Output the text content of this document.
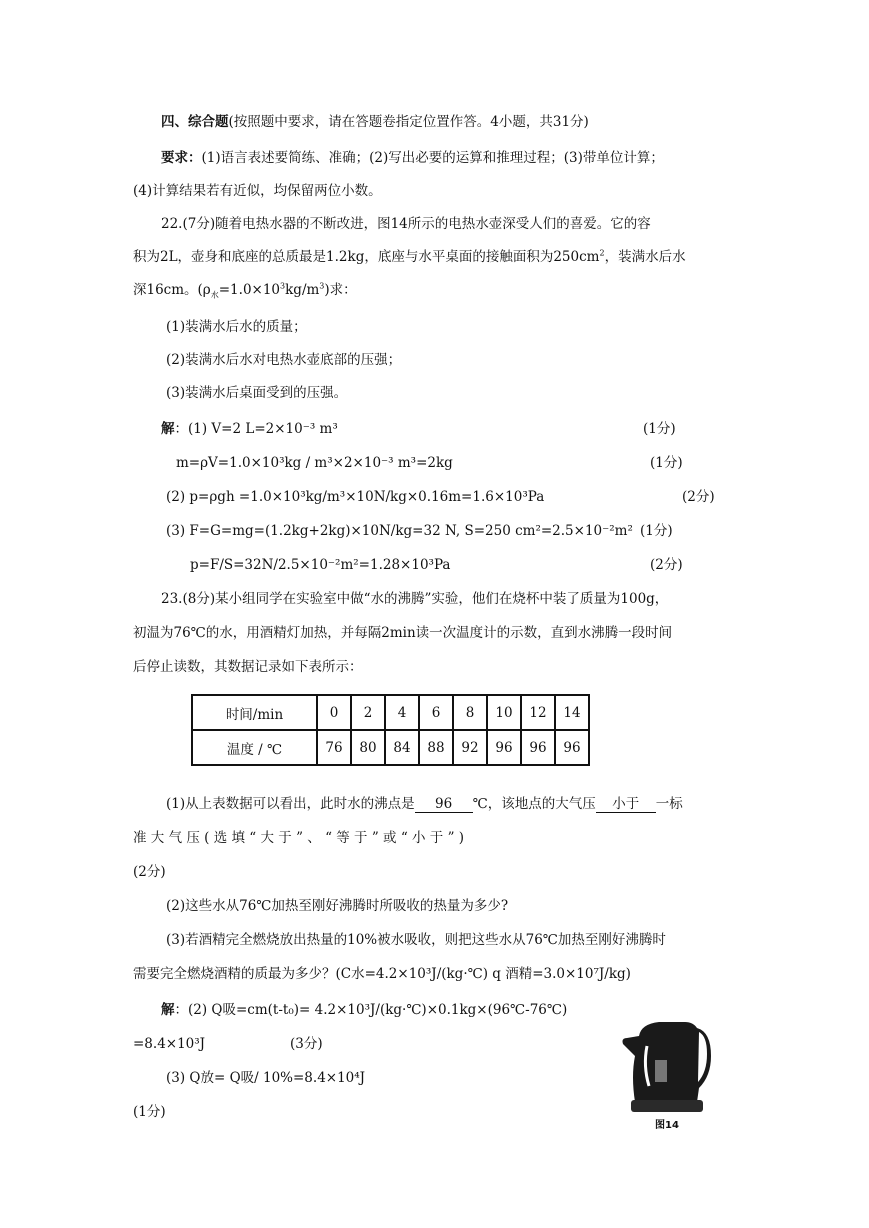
四、综合题(按照题中要求，请在答题卷指定位置作答。4小题，共31分)
要求：(1)语言表述要简练、准确；(2)写出必要的运算和推理过程；(3)带单位计算；
(4)计算结果若有近似，均保留两位小数。
22.(7分)随着电热水器的不断改进，图14所示的电热水壶深受人们的喜爱。它的容
积为2L，壶身和底座的总质最是1.2kg，底座与水平桌面的接触面积为$250cm^2$，装满水后水
深16cm。$(\rho_水=1.0\times 10^3kg/m^3)$求：
(1)装满水后水的质量；
(2)装满水后水对电热水壶底部的压强；
(3)装满水后桌面受到的压强。
解：(1) V=2 L=2×10⁻³ m³	(1分)
m=ρV=1.0×10³kg / m³×2×10⁻³ m³=2kg	(1分)
(2) p=ρgh =1.0×10³kg/m³×10N/kg×0.16m=1.6×10³Pa	(2分)
(3) F=G=mg=(1.2kg+2kg)×10N/kg=32 N, S=250 cm²=2.5×10⁻²m² (1分)
p=F/S=32N/2.5×10⁻²m²=1.28×10³Pa	(2分)
23.(8分)某小组同学在实验室中做“水的沸腾”实验，他们在烧杯中装了质量为100g，
初温为76℃的水，用酒精灯加热，并每隔2min读一次温度计的示数，直到水沸腾一段时间
后停止读数，其数据记录如下表所示：
时间/min	0	2	4	6	8	10	12	14
温度 / ℃	76	80	84	88	92	96	96	96
(1)从上表数据可以看出，此时水的沸点是 96 ℃，该地点的大气压 小于 一标
准 大 气 压 ( 选 填 “ 大 于 ” 、 “ 等 于 ” 或 “ 小 于 ” )
(2分)
(2)这些水从76℃加热至刚好沸腾时所吸收的热量为多少?
(3)若酒精完全燃烧放出热量的10%被水吸收，则把这些水从76℃加热至刚好沸腾时
需要完全燃烧酒精的质最为多少？(C水=4.2×10³J/(kg·℃) q 酒精=3.0×10⁷J/kg)
解：(2) Q吸=cm(t-t₀)= 4.2×10³J/(kg·℃)×0.1kg×(96℃-76℃)
=8.4×10³J	(3分)
(3) Q放= Q吸/ 10%=8.4×10⁴J
(1分)
图14
